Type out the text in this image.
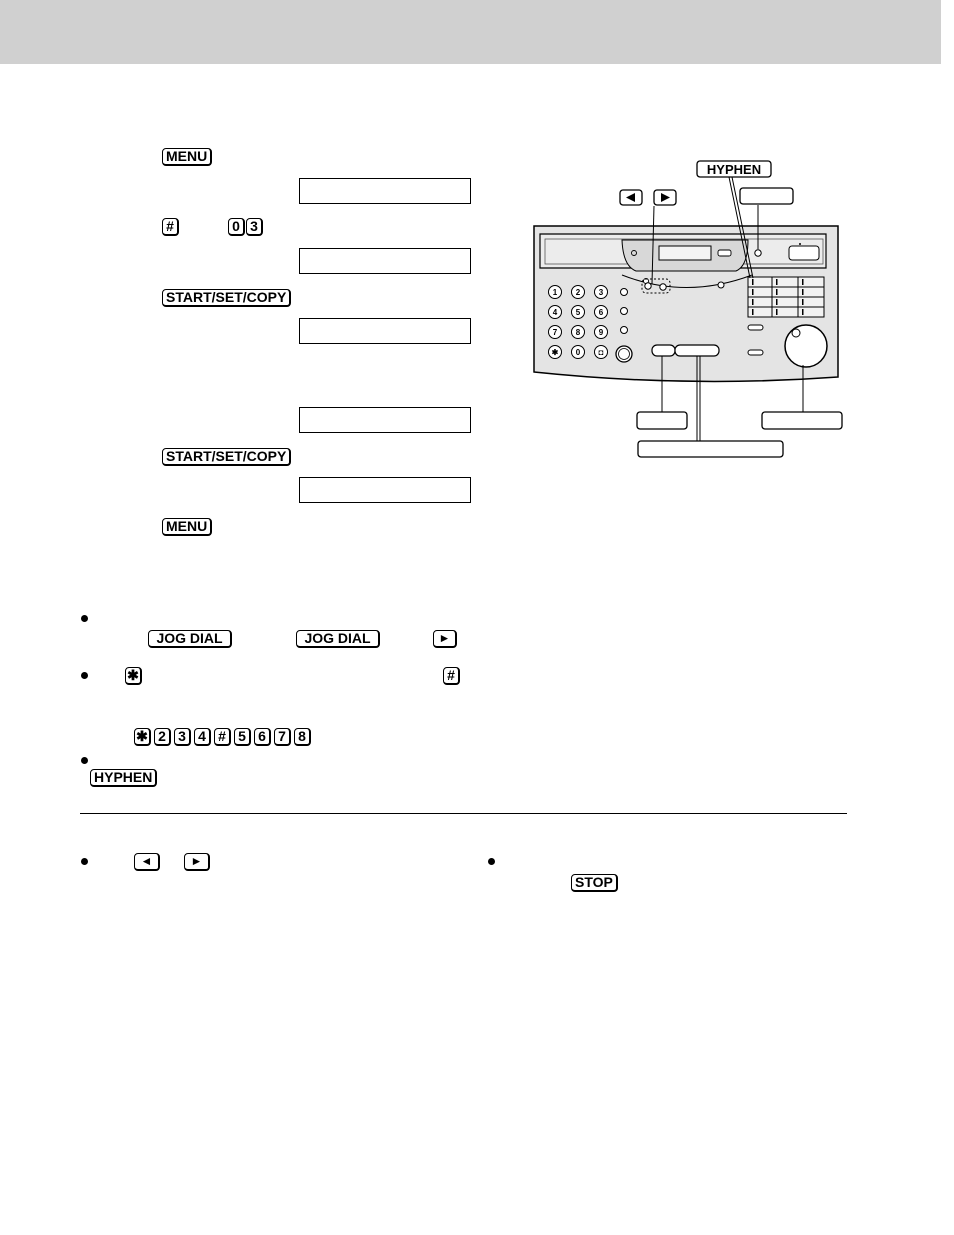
MENU
#	0 3
START/SET/COPY
START/SET/COPY
MENU
JOG DIAL	JOG DIAL	►
✱	#
✱ 2 3 4 # 5 6 7 8
HYPHEN
◄	►
STOP
HYPHEN
1 2 3
4 5 6
7 8 9
✱ 0 ◘
